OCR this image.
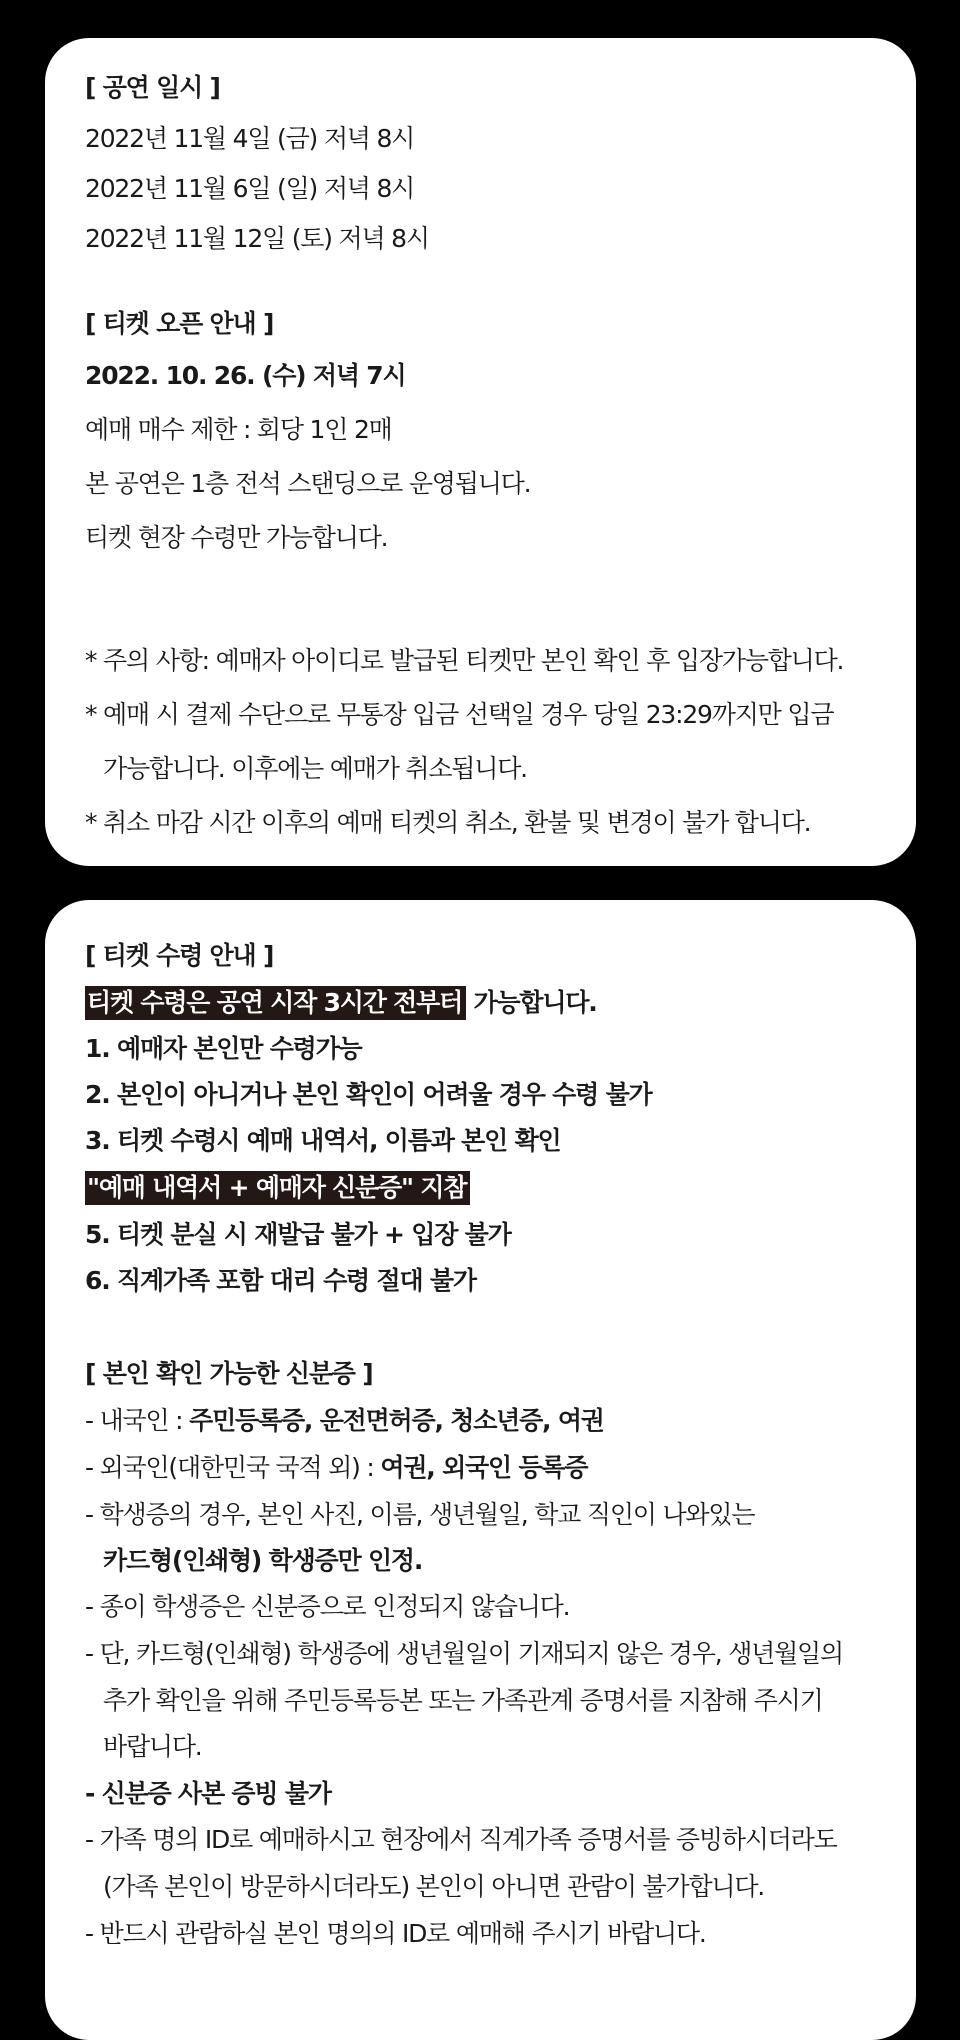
[ 공연 일시 ]
2022년 11월 4일 (금) 저녁 8시
2022년 11월 6일 (일) 저녁 8시
2022년 11월 12일 (토) 저녁 8시
[ 티켓 오픈 안내 ]
2022. 10. 26. (수) 저녁 7시
예매 매수 제한 : 회당 1인 2매
본 공연은 1층 전석 스탠딩으로 운영됩니다.
티켓 현장 수령만 가능합니다.
* 주의 사항: 예매자 아이디로 발급된 티켓만 본인 확인 후 입장가능합니다.
* 예매 시 결제 수단으로 무통장 입금 선택일 경우 당일 23:29까지만 입금
가능합니다. 이후에는 예매가 취소됩니다.
* 취소 마감 시간 이후의 예매 티켓의 취소, 환불 및 변경이 불가 합니다.
[ 티켓 수령 안내 ]
티켓 수령은 공연 시작 3시간 전부터 가능합니다.
1. 예매자 본인만 수령가능
2. 본인이 아니거나 본인 확인이 어려울 경우 수령 불가
3. 티켓 수령시 예매 내역서, 이름과 본인 확인
"예매 내역서 + 예매자 신분증" 지참
5. 티켓 분실 시 재발급 불가 + 입장 불가
6. 직계가족 포함 대리 수령 절대 불가
[ 본인 확인 가능한 신분증 ]
- 내국인 : 주민등록증, 운전면허증, 청소년증, 여권
- 외국인(대한민국 국적 외) : 여권, 외국인 등록증
- 학생증의 경우, 본인 사진, 이름, 생년월일, 학교 직인이 나와있는
카드형(인쇄형) 학생증만 인정.
- 종이 학생증은 신분증으로 인정되지 않습니다.
- 단, 카드형(인쇄형) 학생증에 생년월일이 기재되지 않은 경우, 생년월일의
추가 확인을 위해 주민등록등본 또는 가족관계 증명서를 지참해 주시기
바랍니다.
- 신분증 사본 증빙 불가
- 가족 명의 ID로 예매하시고 현장에서 직계가족 증명서를 증빙하시더라도
(가족 본인이 방문하시더라도) 본인이 아니면 관람이 불가합니다.
- 반드시 관람하실 본인 명의의 ID로 예매해 주시기 바랍니다.
